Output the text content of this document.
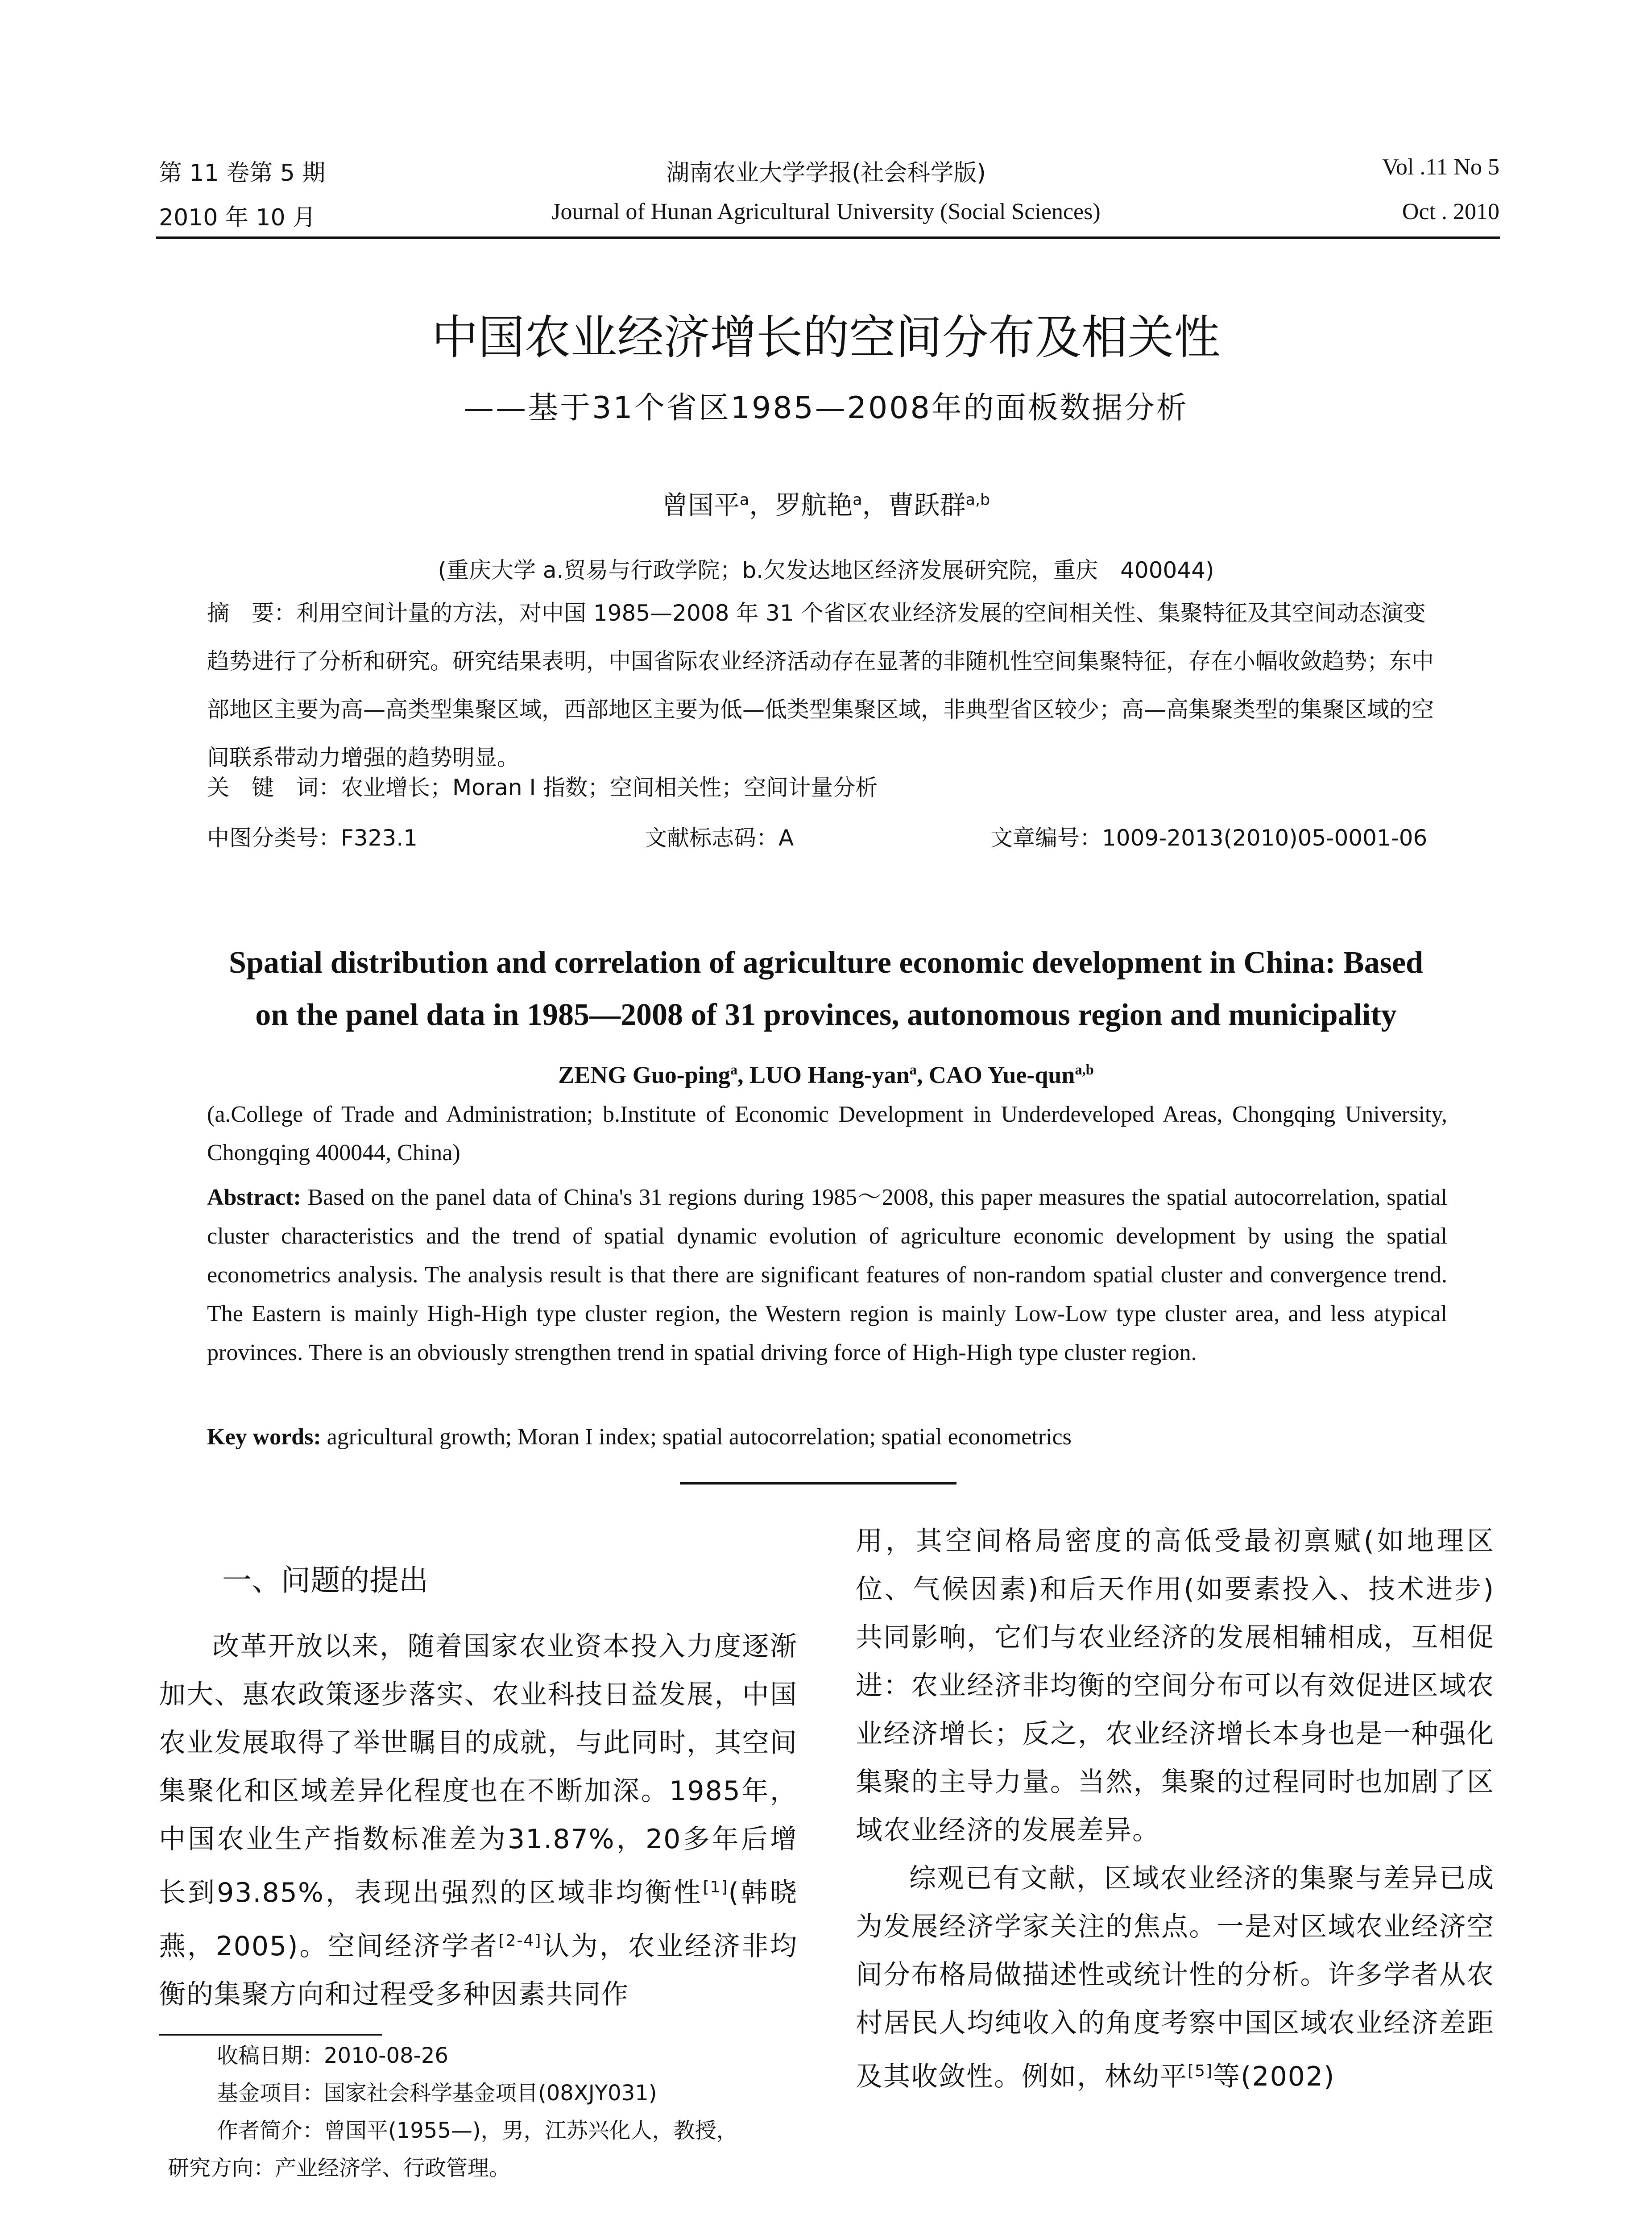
第 11 卷第 5 期
2010 年 10 月
湖南农业大学学报(社会科学版)
Journal of Hunan Agricultural University (Social Sciences)
Vol .11 No 5
Oct . 2010
中国农业经济增长的空间分布及相关性
——基于31个省区1985—2008年的面板数据分析
曾国平$^a$，罗航艳$^a$，曹跃群$^{a,b}$
(重庆大学 a.贸易与行政学院；b.欠发达地区经济发展研究院，重庆　400044)

摘　要：利用空间计量的方法，对中国 1985—2008 年 31 个省区农业经济发展的空间相关性、集聚特征及其空间动态演变趋势进行了分析和研究。研究结果表明，中国省际农业经济活动存在显著的非随机性空间集聚特征，存在小幅收敛趋势；东中部地区主要为高—高类型集聚区域，西部地区主要为低—低类型集聚区域，非典型省区较少；高—高集聚类型的集聚区域的空间联系带动力增强的趋势明显。

关　键　词：农业增长；Moran I 指数；空间相关性；空间计量分析
中图分类号：F323.1	文献标志码：A	文章编号：1009-2013(2010)05-0001-06
Spatial distribution and correlation of agriculture economic development in China: Based
on the panel data in 1985—2008 of 31 provinces, autonomous region and municipality
ZENG Guo-ping$^a$, LUO Hang-yan$^a$, CAO Yue-qun$^{a,b}$
(a.College of Trade and Administration; b.Institute of Economic Development in Underdeveloped Areas, Chongqing University, Chongqing 400044, China)
Abstract: Based on the panel data of China's 31 regions during 1985～2008, this paper measures the spatial autocorrelation, spatial cluster characteristics and the trend of spatial dynamic evolution of agriculture economic development by using the spatial econometrics analysis. The analysis result is that there are significant features of non-random spatial cluster and convergence trend. The Eastern is mainly High-High type cluster region, the Western region is mainly Low-Low type cluster area, and less atypical provinces. There is an obviously strengthen trend in spatial driving force of High-High type cluster region.
Key words: agricultural growth; Moran I index; spatial autocorrelation; spatial econometrics
一、问题的提出

改革开放以来，随着国家农业资本投入力度逐渐加大、惠农政策逐步落实、农业科技日益发展，中国农业发展取得了举世瞩目的成就，与此同时，其空间集聚化和区域差异化程度也在不断加深。1985年，中国农业生产指数标准差为31.87%，20多年后增长到93.85%，表现出强烈的区域非均衡性[1](韩晓燕，2005)。空间经济学者[2-4]认为，农业经济非均衡的集聚方向和过程受多种因素共同作

收稿日期：2010-08-26
基金项目：国家社会科学基金项目(08XJY031)
作者简介：曾国平(1955—)，男，江苏兴化人，教授，
研究方向：产业经济学、行政管理。

用，其空间格局密度的高低受最初禀赋(如地理区位、气候因素)和后天作用(如要素投入、技术进步)共同影响，它们与农业经济的发展相辅相成，互相促进：农业经济非均衡的空间分布可以有效促进区域农业经济增长；反之，农业经济增长本身也是一种强化集聚的主导力量。当然，集聚的过程同时也加剧了区域农业经济的发展差异。

综观已有文献，区域农业经济的集聚与差异已成为发展经济学家关注的焦点。一是对区域农业经济空间分布格局做描述性或统计性的分析。许多学者从农村居民人均纯收入的角度考察中国区域农业经济差距及其收敛性。例如，林幼平[5]等(2002)
